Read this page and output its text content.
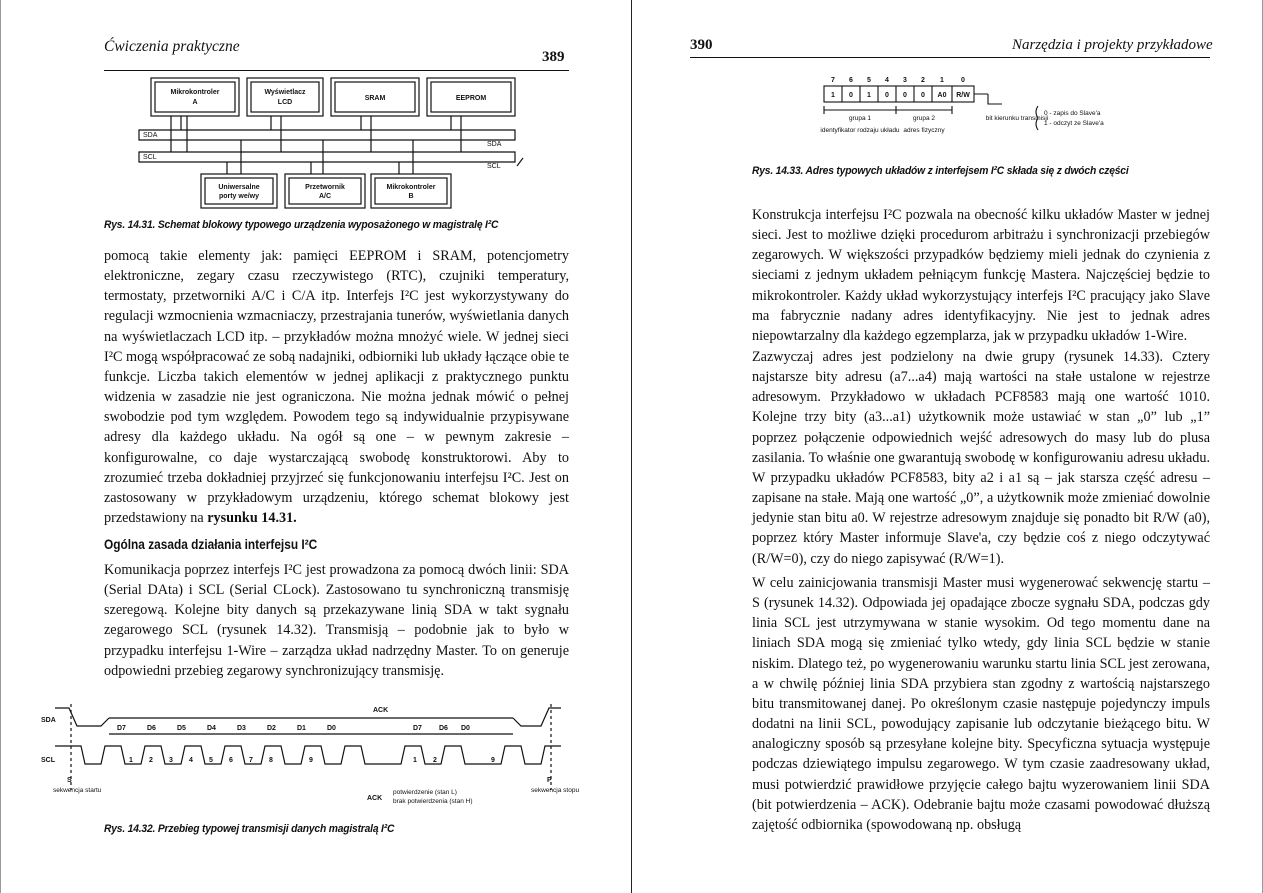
Ćwiczenia praktyczne
389
Mikrokontroler
A
Wyświetlacz
LCD
SRAM	EEPROM
Uniwersalne
porty we/wy
Przetwornik
A/C
Mikrokontroler
B
SDA
SCL
SDA
SCL
Rys. 14.31. Schemat blokowy typowego urządzenia wyposażonego w magistralę I²C

pomocą takie elementy jak: pamięci EEPROM i SRAM, potencjometry elektroniczne, zegary czasu rzeczywistego (RTC), czujniki temperatury, termostaty, przetworniki A/C i C/A itp. Interfejs I²C jest wykorzystywany do regulacji wzmocnienia wzmacniaczy, przestrajania tunerów, wyświetlania danych na wyświetlaczach LCD itp. – przykładów można mnożyć wiele. W jednej sieci I²C mogą współpracować ze sobą nadajniki, odbiorniki lub układy łączące obie te funkcje. Liczba takich elementów w jednej aplikacji z praktycznego punktu widzenia w zasadzie nie jest ograniczona. Nie można jednak mówić o pełnej swobodzie pod tym względem. Powodem tego są indywidualnie przypisywane adresy dla każdego układu. Na ogół są one – w pewnym zakresie – konfigurowalne, co daje wystarczającą swobodę konstruktorowi. Aby to zrozumieć trzeba dokładniej przyjrzeć się funkcjonowaniu interfejsu I²C. Jest on zastosowany w przykładowym urządzeniu, którego schemat blokowy jest przedstawiony na rysunku 14.31.

Ogólna zasada działania interfejsu I²C

Komunikacja poprzez interfejs I²C jest prowadzona za pomocą dwóch linii: SDA (Serial DAta) i SCL (Serial CLock). Zastosowano tu synchroniczną transmisję szeregową. Kolejne bity danych są przekazywane linią SDA w takt sygnału zegarowego SCL (rysunek 14.32). Transmisją – podobnie jak to było w przypadku interfejsu 1-Wire – zarządza układ nadrzędny Master. To on generuje odpowiedni przebieg zegarowy synchronizujący transmisję.

SDA
SCL
D7	D6	D5	D4	D3	D2	D1	D0	D7 D6 D0
ACK
1 2 3 4 5 6 7 8	9	1 2	9
S	P
ACK
sekwencja startu	sekwencja stopu
potwierdzenie (stan L)
brak potwierdzenia (stan H)
Rys. 14.32. Przebieg typowej transmisji danych magistralą I²C
390	Narzędzia i projekty przykładowe
7 6 5 4 3 2 1 0
1 0 1 0 0 0 A0 R/W
grupa 1	grupa 2
identyfikator rodzaju układu adres fizyczny
bit kierunku transmisji
0 - zapis do Slave'a
1 - odczyt ze Slave'a
Rys. 14.33. Adres typowych układów z interfejsem I²C składa się z dwóch części

Konstrukcja interfejsu I²C pozwala na obecność kilku układów Master w jednej sieci. Jest to możliwe dzięki procedurom arbitrażu i synchronizacji przebiegów zegarowych. W większości przypadków będziemy mieli jednak do czynienia z sieciami z jednym układem pełniącym funkcję Mastera. Najczęściej będzie to mikrokontroler. Każdy układ wykorzystujący interfejs I²C pracujący jako Slave ma fabrycznie nadany adres identyfikacyjny. Nie jest to jednak adres niepowtarzalny dla każdego egzemplarza, jak w przypadku układów 1-Wire.

Zazwyczaj adres jest podzielony na dwie grupy (rysunek 14.33). Cztery najstarsze bity adresu (a7...a4) mają wartości na stałe ustalone w rejestrze adresowym. Przykładowo w układach PCF8583 mają one wartość 1010. Kolejne trzy bity (a3...a1) użytkownik może ustawiać w stan „0” lub „1” poprzez połączenie odpowiednich wejść adresowych do masy lub do plusa zasilania. To właśnie one gwarantują swobodę w konfigurowaniu adresu układu. W przypadku układów PCF8583, bity a2 i a1 są – jak starsza część adresu – zapisane na stałe. Mają one wartość „0”, a użytkownik może zmieniać dowolnie jedynie stan bitu a0. W rejestrze adresowym znajduje się ponadto bit R/W (a0), poprzez który Master informuje Slave'a, czy będzie coś z niego odczytywać (R/W=0), czy do niego zapisywać (R/W=1).

W celu zainicjowania transmisji Master musi wygenerować sekwencję startu – S (rysunek 14.32). Odpowiada jej opadające zbocze sygnału SDA, podczas gdy linia SCL jest utrzymywana w stanie wysokim. Od tego momentu dane na liniach SDA mogą się zmieniać tylko wtedy, gdy linia SCL będzie w stanie niskim. Dlatego też, po wygenerowaniu warunku startu linia SCL jest zerowana, a w chwilę później linia SDA przybiera stan zgodny z wartością najstarszego bitu transmitowanej danej. Po określonym czasie następuje pojedynczy impuls dodatni na linii SCL, powodujący zapisanie lub odczytanie bieżącego bitu. W analogiczny sposób są przesyłane kolejne bity. Specyficzna sytuacja występuje podczas dziewiątego impulsu zegarowego. W tym czasie zaadresowany układ, musi potwierdzić prawidłowe przyjęcie całego bajtu wyzerowaniem linii SDA (bit potwierdzenia – ACK). Odebranie bajtu może czasami powodować dłuższą zajętość odbiornika (spowodowaną np. obsługą
